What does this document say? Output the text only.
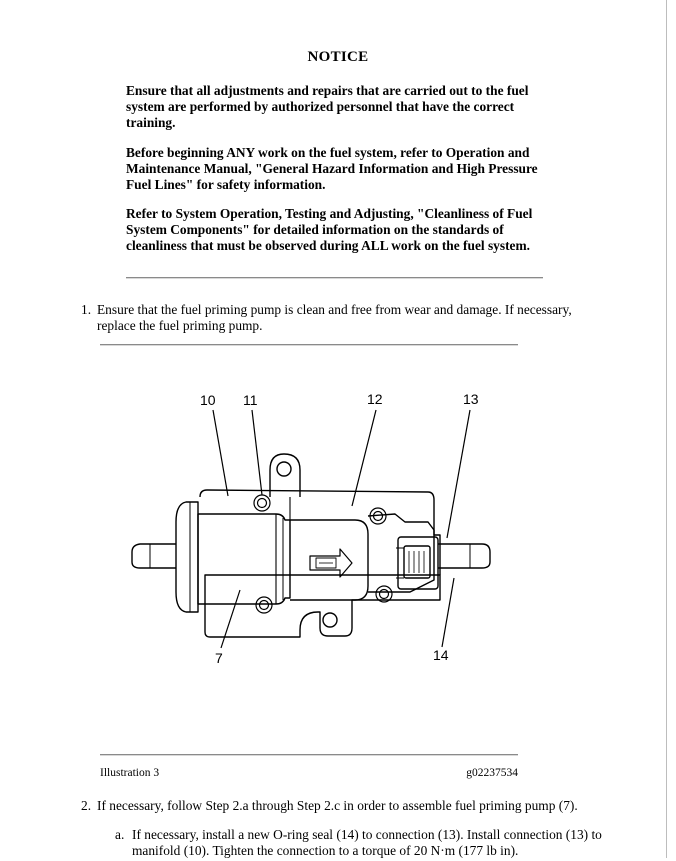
NOTICE
Ensure that all adjustments and repairs that are carried out to the fuel system are performed by authorized personnel that have the correct training.
Before beginning ANY work on the fuel system, refer to Operation and Maintenance Manual, "General Hazard Information and High Pressure Fuel Lines" for safety information.
Refer to System Operation, Testing and Adjusting, "Cleanliness of Fuel System Components" for detailed information on the standards of cleanliness that must be observed during ALL work on the fuel system.
1. Ensure that the fuel priming pump is clean and free from wear and damage. If necessary, replace the fuel priming pump.
10 11	12	13
14
7
Illustration 3	g02237534
2. If necessary, follow Step 2.a through Step 2.c in order to assemble fuel priming pump (7).
a. If necessary, install a new O-ring seal (14) to connection (13). Install connection (13) to manifold (10). Tighten the connection to a torque of 20 N·m (177 lb in).
